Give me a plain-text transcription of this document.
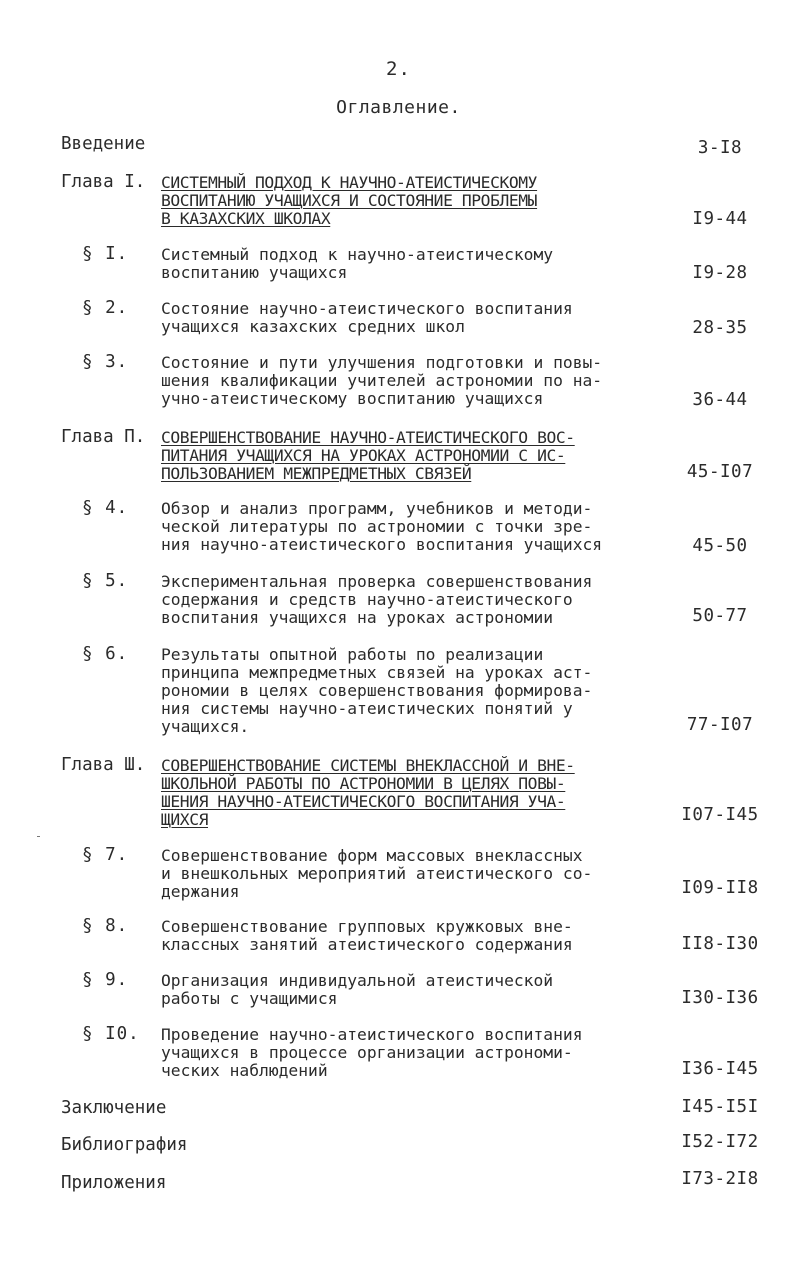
2.
Оглавление.
Введение	3-I8
Глава I. СИСТЕМНЫЙ ПОДХОД К НАУЧНО-АТЕИСТИЧЕСКОМУ
ВОСПИТАНИЮ УЧАЩИХСЯ И СОСТОЯНИЕ ПРОБЛЕМЫ
В КАЗАХСКИХ ШКОЛАХ	I9-44
§ I. Системный подход к научно-атеистическому
воспитанию учащихся	I9-28
§ 2. Состояние научно-атеистического воспитания
учащихся казахских средних школ	28-35
§ 3. Состояние и пути улучшения подготовки и повы-
шения квалификации учителей астрономии по на-
учно-атеистическому воспитанию учащихся	36-44
Глава П. СОВЕРШЕНСТВОВАНИЕ НАУЧНО-АТЕИСТИЧЕСКОГО ВОС-
ПИТАНИЯ УЧАЩИХСЯ НА УРОКАХ АСТРОНОМИИ С ИС-
ПОЛЬЗОВАНИЕМ МЕЖПРЕДМЕТНЫХ СВЯЗЕЙ	45-I07
§ 4. Обзор и анализ программ, учебников и методи-
ческой литературы по астрономии с точки зре-
ния научно-атеистического воспитания учащихся	45-50
§ 5. Экспериментальная проверка совершенствования
содержания и средств научно-атеистического
воспитания учащихся на уроках астрономии	50-77
§ 6. Результаты опытной работы по реализации
принципа межпредметных связей на уроках аст-
рономии в целях совершенствования формирова-
ния системы научно-атеистических понятий у
учащихся.	77-I07
Глава Ш. СОВЕРШЕНСТВОВАНИЕ СИСТЕМЫ ВНЕКЛАССНОЙ И ВНЕ-
ШКОЛЬНОЙ РАБОТЫ ПО АСТРОНОМИИ В ЦЕЛЯХ ПОВЫ-
ШЕНИЯ НАУЧНО-АТЕИСТИЧЕСКОГО ВОСПИТАНИЯ УЧА-
ЩИХСЯ	I07-I45
§ 7. Совершенствование форм массовых внеклассных
и внешкольных мероприятий атеистического со-
держания	I09-II8
§ 8. Совершенствование групповых кружковых вне-
классных занятий атеистического содержания	II8-I30
§ 9. Организация индивидуальной атеистической
работы с учащимися	I30-I36
§ I0. Проведение научно-атеистического воспитания
учащихся в процессе организации астрономи-
ческих наблюдений	I36-I45
Заключение	I45-I5I
Библиография	I52-I72
Приложения	I73-2I8
